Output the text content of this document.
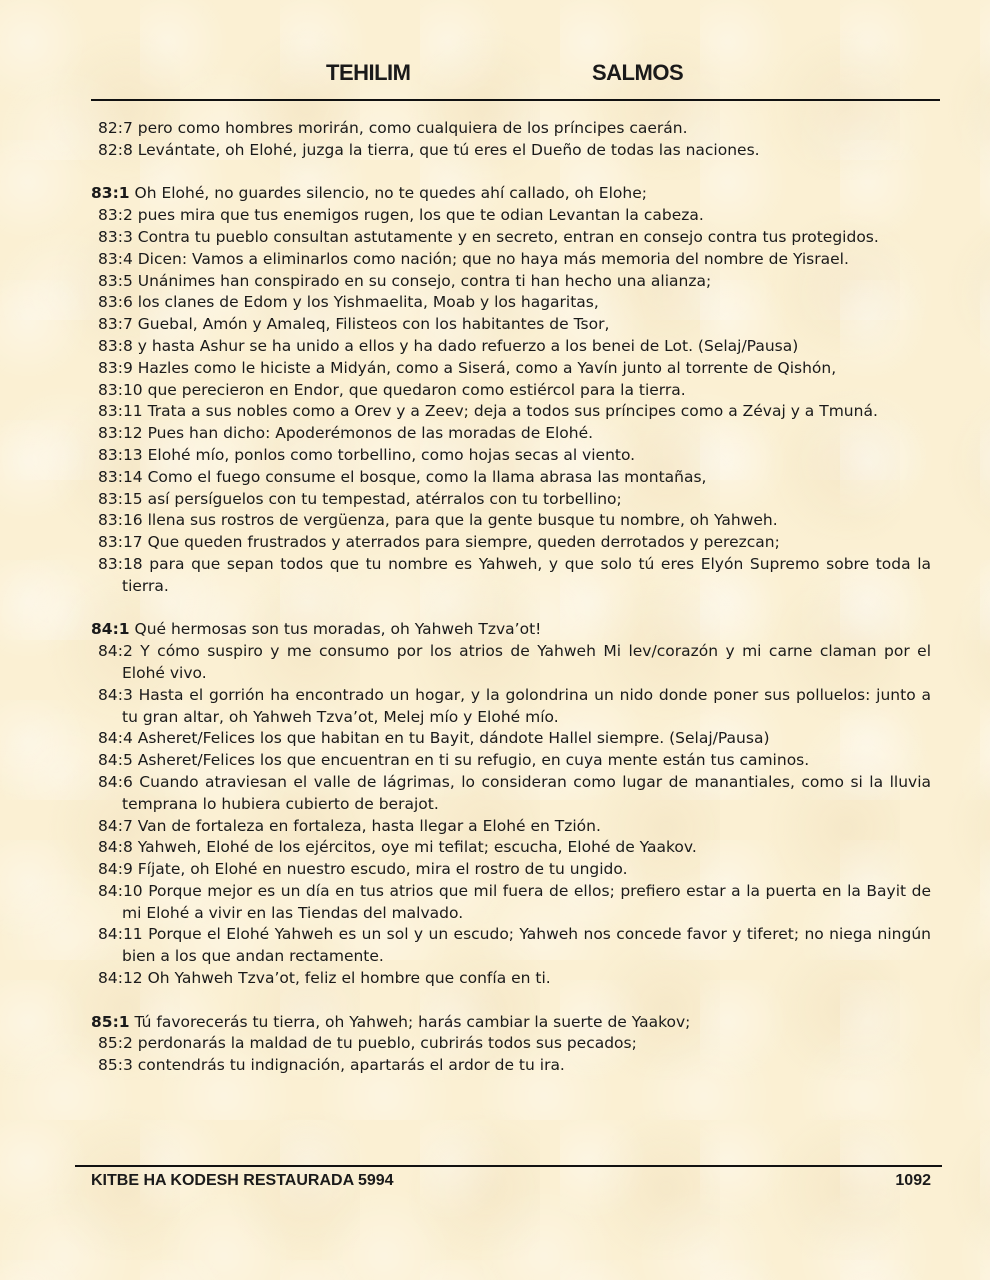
TEHILIM	SALMOS

82:7 pero como hombres morirán, como cualquiera de los príncipes caerán.

82:8 Levántate, oh Elohé, juzga la tierra, que tú eres el Dueño de todas las naciones.

83:1 Oh Elohé, no guardes silencio, no te quedes ahí callado, oh Elohe;

83:2 pues mira que tus enemigos rugen, los que te odian Levantan la cabeza.

83:3 Contra tu pueblo consultan astutamente y en secreto, entran en consejo contra tus protegidos.

83:4 Dicen: Vamos a eliminarlos como nación; que no haya más memoria del nombre de Yisrael.

83:5 Unánimes han conspirado en su consejo, contra ti han hecho una alianza;

83:6 los clanes de Edom y los Yishmaelita, Moab y los hagaritas,

83:7 Guebal, Amón y Amaleq, Filisteos con los habitantes de Tsor,

83:8 y hasta Ashur se ha unido a ellos y ha dado refuerzo a los benei de Lot. (Selaj/Pausa)

83:9 Hazles como le hiciste a Midyán, como a Siserá, como a Yavín junto al torrente de Qishón,

83:10 que perecieron en Endor, que quedaron como estiércol para la tierra.

83:11 Trata a sus nobles como a Orev y a Zeev; deja a todos sus príncipes como a Zévaj y a Tmuná.

83:12 Pues han dicho: Apoderémonos de las moradas de Elohé.

83:13 Elohé mío, ponlos como torbellino, como hojas secas al viento.

83:14 Como el fuego consume el bosque, como la llama abrasa las montañas,

83:15 así persíguelos con tu tempestad, atérralos con tu torbellino;

83:16 llena sus rostros de vergüenza, para que la gente busque tu nombre, oh Yahweh.

83:17 Que queden frustrados y aterrados para siempre, queden derrotados y perezcan;

83:18 para que sepan todos que tu nombre es Yahweh, y que solo tú eres Elyón Supremo sobre toda la tierra.

84:1 Qué hermosas son tus moradas, oh Yahweh Tzva’ot!

84:2 Y cómo suspiro y me consumo por los atrios de Yahweh Mi lev/corazón y mi carne claman por el Elohé vivo.

84:3 Hasta el gorrión ha encontrado un hogar, y la golondrina un nido donde poner sus polluelos: junto a tu gran altar, oh Yahweh Tzva’ot, Melej mío y Elohé mío.

84:4 Asheret/Felices los que habitan en tu Bayit, dándote Hallel siempre. (Selaj/Pausa)

84:5 Asheret/Felices los que encuentran en ti su refugio, en cuya mente están tus caminos.

84:6 Cuando atraviesan el valle de lágrimas, lo consideran como lugar de manantiales, como si la lluvia temprana lo hubiera cubierto de berajot.

84:7 Van de fortaleza en fortaleza, hasta llegar a Elohé en Tzión.

84:8 Yahweh, Elohé de los ejércitos, oye mi tefilat; escucha, Elohé de Yaakov.

84:9 Fíjate, oh Elohé en nuestro escudo, mira el rostro de tu ungido.

84:10 Porque mejor es un día en tus atrios que mil fuera de ellos; prefiero estar a la puerta en la Bayit de mi Elohé a vivir en las Tiendas del malvado.

84:11 Porque el Elohé Yahweh es un sol y un escudo; Yahweh nos concede favor y tiferet; no niega ningún bien a los que andan rectamente.

84:12 Oh Yahweh Tzva’ot, feliz el hombre que confía en ti.

85:1 Tú favorecerás tu tierra, oh Yahweh; harás cambiar la suerte de Yaakov;

85:2 perdonarás la maldad de tu pueblo, cubrirás todos sus pecados;

85:3 contendrás tu indignación, apartarás el ardor de tu ira.

KITBE HA KODESH RESTAURADA 5994	1092
